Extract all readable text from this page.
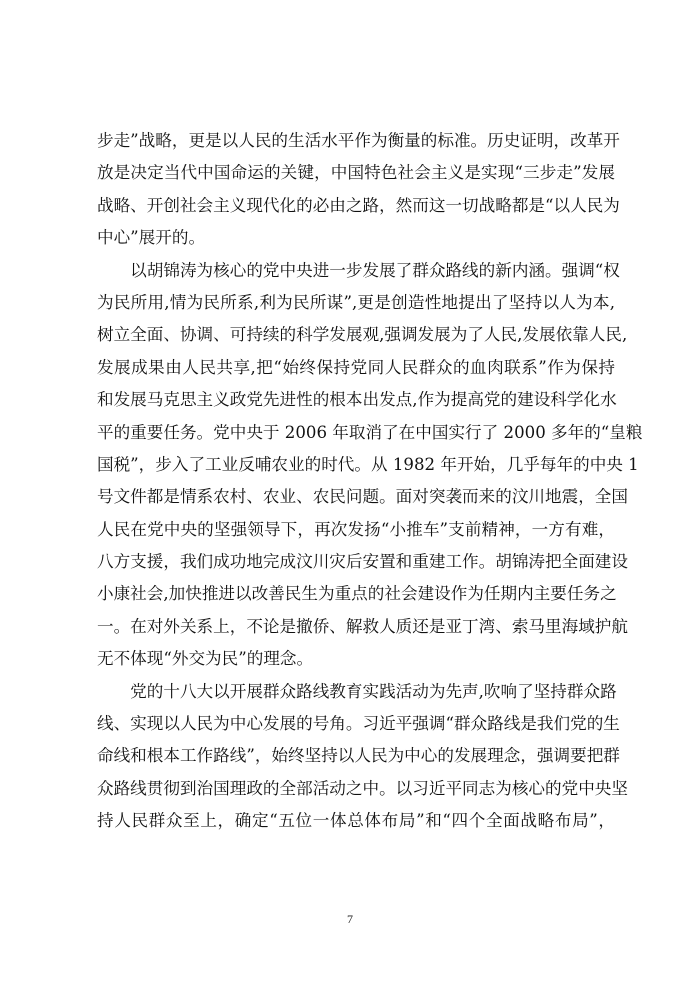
步走”战略，更是以人民的生活水平作为衡量的标准。历史证明，改革开
放是决定当代中国命运的关键，中国特色社会主义是实现“三步走”发展
战略、开创社会主义现代化的必由之路，然而这一切战略都是“以人民为
中心”展开的。
　　以胡锦涛为核心的党中央进一步发展了群众路线的新内涵。强调“权
为民所用,情为民所系,利为民所谋”,更是创造性地提出了坚持以人为本,
树立全面、协调、可持续的科学发展观,强调发展为了人民,发展依靠人民,
发展成果由人民共享,把“始终保持党同人民群众的血肉联系”作为保持
和发展马克思主义政党先进性的根本出发点,作为提高党的建设科学化水
平的重要任务。党中央于 2006 年取消了在中国实行了 2000 多年的“皇粮
国税”，步入了工业反哺农业的时代。从 1982 年开始，几乎每年的中央 1
号文件都是情系农村、农业、农民问题。面对突袭而来的汶川地震，全国
人民在党中央的坚强领导下，再次发扬“小推车”支前精神，一方有难，
八方支援，我们成功地完成汶川灾后安置和重建工作。胡锦涛把全面建设
小康社会,加快推进以改善民生为重点的社会建设作为任期内主要任务之
一。在对外关系上，不论是撤侨、解救人质还是亚丁湾、索马里海域护航
无不体现“外交为民”的理念。
　　党的十八大以开展群众路线教育实践活动为先声,吹响了坚持群众路
线、实现以人民为中心发展的号角。习近平强调“群众路线是我们党的生
命线和根本工作路线”，始终坚持以人民为中心的发展理念，强调要把群
众路线贯彻到治国理政的全部活动之中。以习近平同志为核心的党中央坚
持人民群众至上，确定“五位一体总体布局”和“四个全面战略布局”，
7
